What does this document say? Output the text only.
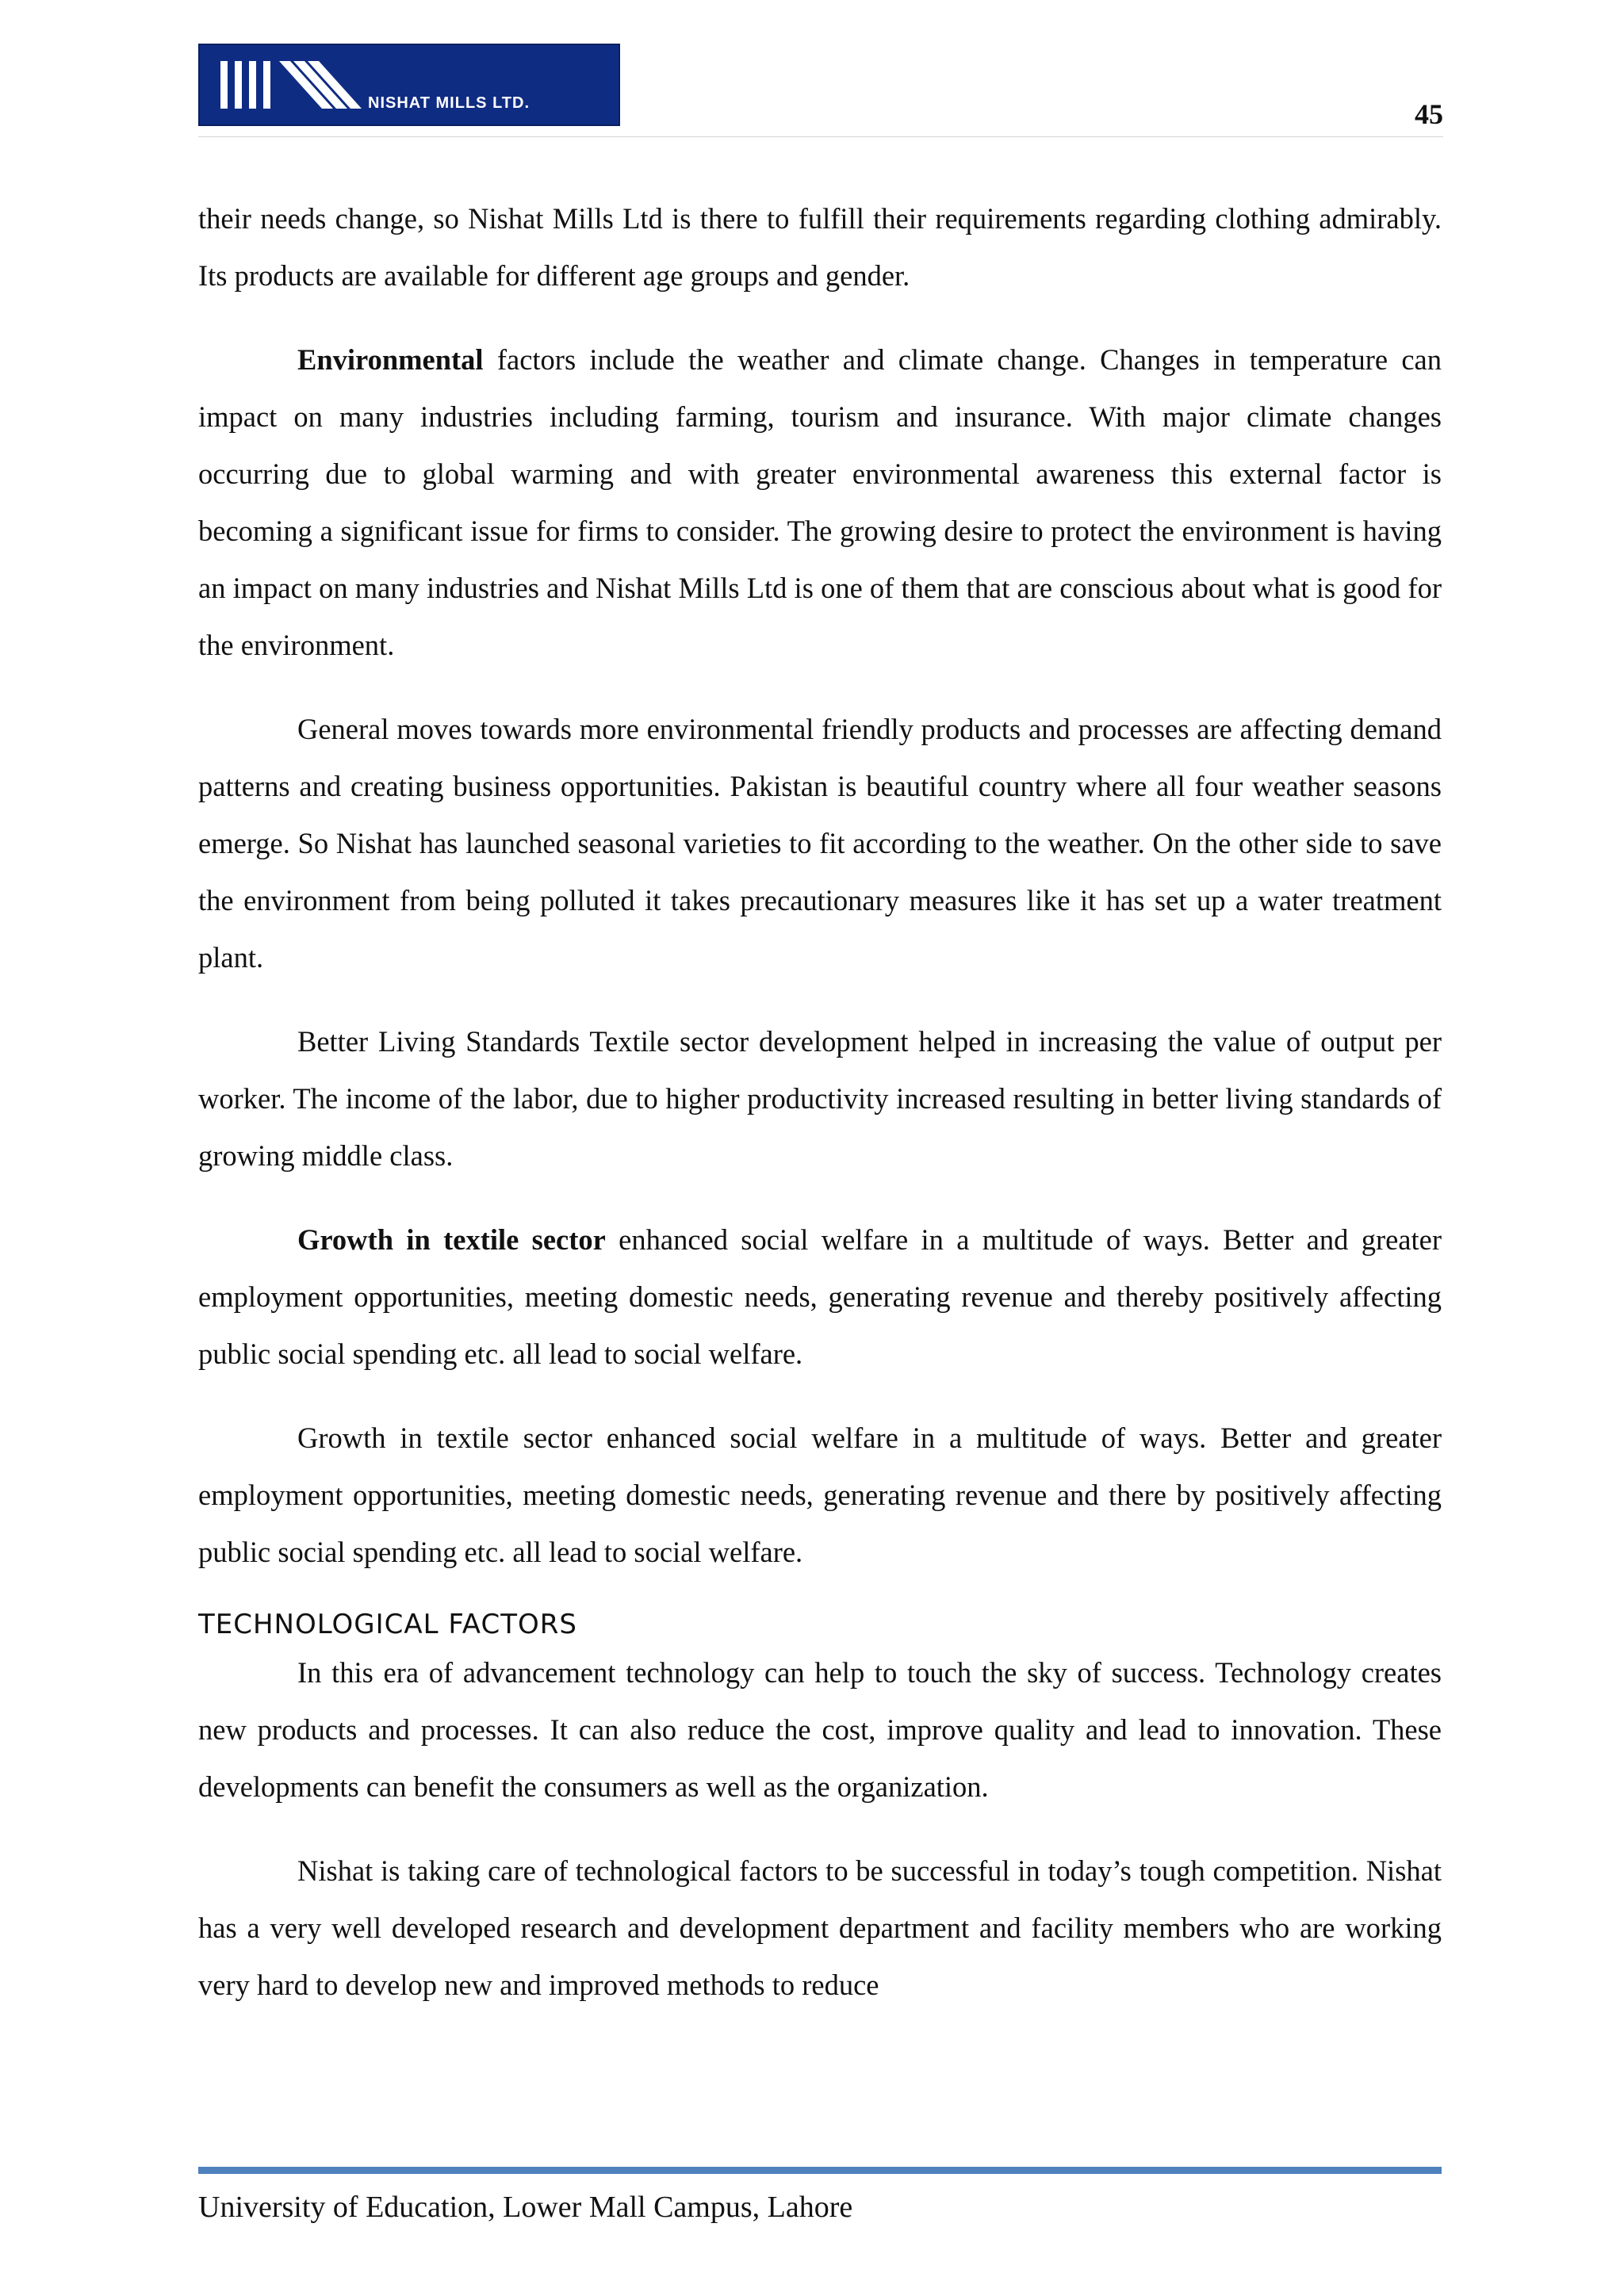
NISHAT MILLS LTD.	45

their needs change, so Nishat Mills Ltd is there to fulfill their requirements regarding clothing admirably. Its products are available for different age groups and gender.

Environmental factors include the weather and climate change. Changes in temperature can impact on many industries including farming, tourism and insurance. With major climate changes occurring due to global warming and with greater environmental awareness this external factor is becoming a significant issue for firms to consider. The growing desire to protect the environment is having an impact on many industries and Nishat Mills Ltd is one of them that are conscious about what is good for the environment.

General moves towards more environmental friendly products and processes are affecting demand patterns and creating business opportunities. Pakistan is beautiful country where all four weather seasons emerge. So Nishat has launched seasonal varieties to fit according to the weather. On the other side to save the environment from being polluted it takes precautionary measures like it has set up a water treatment plant.

Better Living Standards Textile sector development helped in increasing the value of output per worker. The income of the labor, due to higher productivity increased resulting in better living standards of growing middle class.

Growth in textile sector enhanced social welfare in a multitude of ways. Better and greater employment opportunities, meeting domestic needs, generating revenue and thereby positively affecting public social spending etc. all lead to social welfare.

Growth in textile sector enhanced social welfare in a multitude of ways. Better and greater employment opportunities, meeting domestic needs, generating revenue and there by positively affecting public social spending etc. all lead to social welfare.

TECHNOLOGICAL FACTORS

In this era of advancement technology can help to touch the sky of success. Technology creates new products and processes. It can also reduce the cost, improve quality and lead to innovation. These developments can benefit the consumers as well as the organization.

Nishat is taking care of technological factors to be successful in today’s tough competition. Nishat has a very well developed research and development department and facility members who are working very hard to develop new and improved methods to reduce

University of Education, Lower Mall Campus, Lahore
